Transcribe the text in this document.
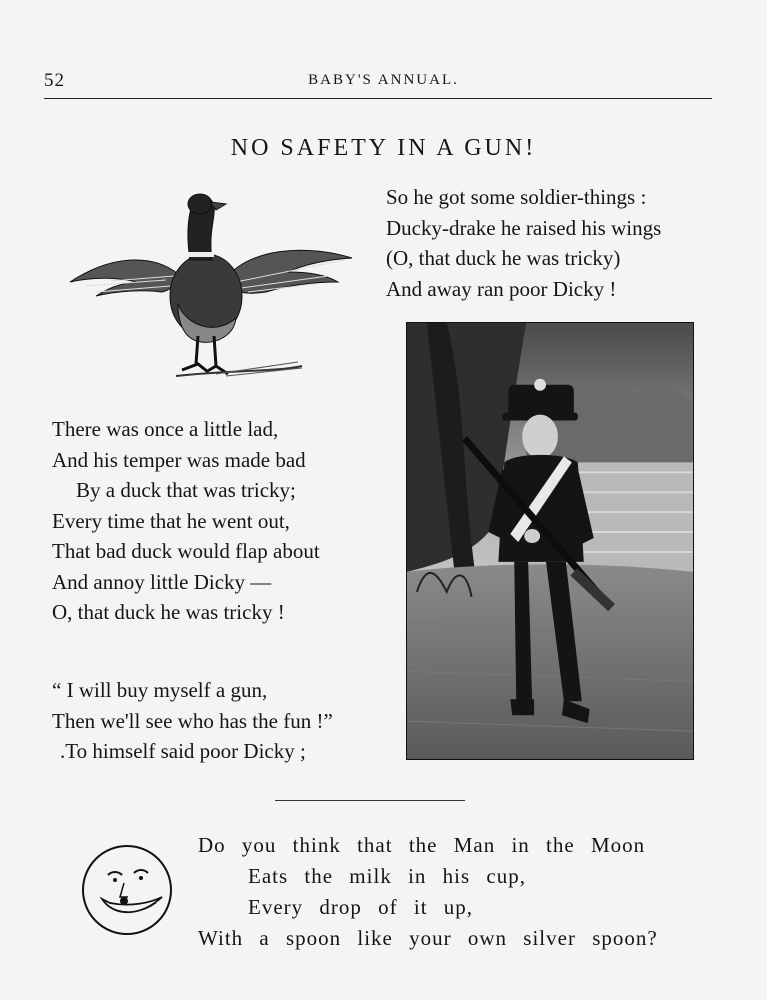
52	BABY'S ANNUAL.
NO SAFETY IN A GUN!
So he got some soldier-things :
Ducky-drake he raised his wings
(O, that duck he was tricky)
And away ran poor Dicky !
There was once a little lad,
And his temper was made bad
By a duck that was tricky;
Every time that he went out,
That bad duck would flap about
And annoy little Dicky —
O, that duck he was tricky !
“ I will buy myself a gun,
Then we'll see who has the fun !”
.To himself said poor Dicky ;
Do you think that the Man in the Moon
Eats the milk in his cup,
Every drop of it up,
With a spoon like your own silver spoon?
